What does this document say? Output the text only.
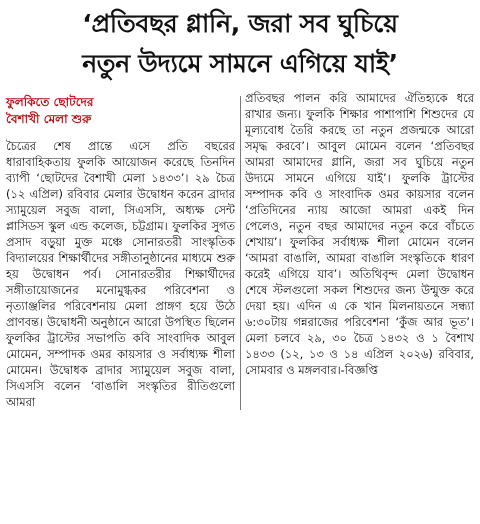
‘প্রতিবছর গ্লানি, জরা সব ঘুচিয়ে
নতুন উদ্যমে সামনে এগিয়ে যাই’
ফুলকিতে ছোটদের
বৈশাখী মেলা শুরু

চৈত্রের শেষ প্রান্তে এসে প্রতি বছরের ধারাবাহিকতায় ফুলকি আয়োজন করেছে তিনদিন ব্যাপী ‘ছোটদের বৈশাখী মেলা ১৪৩৩’। ২৯ চৈত্র (১২ এপ্রিল) রবিবার মেলার উদ্বোধন করেন ব্রাদার স্যামুয়েল সবুজ বালা, সিএসসি, অধ্যক্ষ সেন্ট প্লাসিডস স্কুল এন্ড কলেজ, চট্টগ্রাম। ফুলকির সুগত প্রসাদ বড়ুয়া মুক্ত মঞ্চে সোনারতরী সাংস্কৃতিক বিদ্যালয়ের শিক্ষার্থীদের সঙ্গীতানুষ্ঠানের মাধ্যমে শুরু হয় উদ্বোধন পর্ব। সোনারতরীর শিক্ষার্থীদের সঙ্গীতায়োজনের মনোমুগ্ধকর পরিবেশনা ও নৃত্যাঞ্জলির পরিবেশনায় মেলা প্রাঙ্গণ হয়ে উঠে প্রাণবন্ত। উদ্বোধনী অনুষ্ঠানে আরো উপস্থিত ছিলেন ফুলকির ট্রাস্টের সভাপতি কবি সাংবাদিক আবুল মোমেন, সম্পাদক ওমর কায়সার ও সর্বাধ্যক্ষ শীলা মোমেন। উদ্বোধক ব্রাদার স্যামুয়েল সবুজ বালা, সিএসসি বলেন ‘বাঙালি সংস্কৃতির রীতিগুলো আমরা

প্রতিবছর পালন করি আমাদের ঐতিহ্যকে ধরে রাখার জন্য। ফুলকি শিক্ষার পাশাপাশি শিশুদের যে মূল্যবোধ তৈরি করছে তা নতুন প্রজন্মকে আরো সমৃদ্ধ করবে’। আবুল মোমেন বলেন ‘প্রতিবছর আমরা আমাদের গ্লানি, জরা সব ঘুচিয়ে নতুন উদ্যমে সামনে এগিয়ে যাই’। ফুলকি ট্রাস্টের সম্পাদক কবি ও সাংবাদিক ওমর কায়সার বলেন ‘প্রতিদিনের ন্যায় আজো আমরা একই দিন পেলেও, নতুন বছর আমাদের নতুন করে বাঁচতে শেখায়’। ফুলকির সর্বাধ্যক্ষ শীলা মোমেন বলেন ‘আমরা বাঙালি, আমরা বাঙালি সংস্কৃতিকে ধারণ করেই এগিয়ে যাব’। অতিথিবৃন্দ মেলা উদ্বোধন শেষে স্টলগুলো সকল শিশুদের জন্য উন্মুক্ত করে দেয়া হয়। এদিন এ কে খান মিলনায়তনে সন্ধ্যা ৬:৩০টায় গন্নরাজের পরিবেশনা ‘কুঁজ আর ভূত’। মেলা চলবে ২৯, ৩০ চৈত্র ১৪৩২ ও ১ বৈশাখ ১৪৩৩ (১২, ১৩ ও ১৪ এপ্রিল ২০২৬) রবিবার, সোমবার ও মঙ্গলবার।-বিজ্ঞপ্তি
